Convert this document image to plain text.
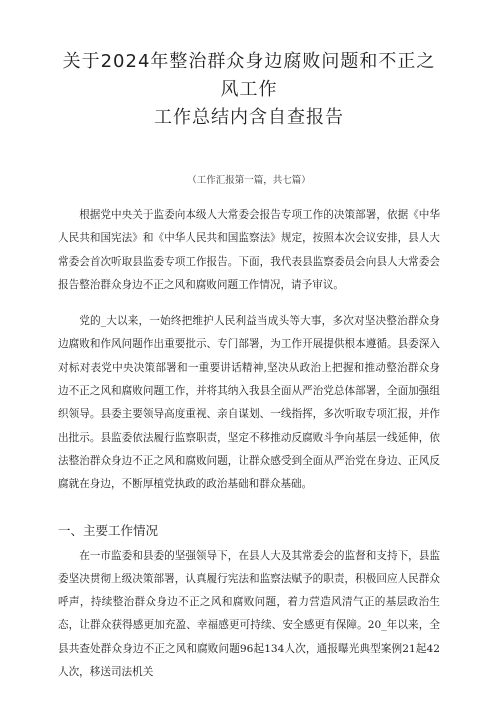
关于2024年整治群众身边腐败问题和不正之风工作
工作总结内含自查报告

（工作汇报第一篇，共七篇）

根据党中央关于监委向本级人大常委会报告专项工作的决策部署，依据《中华人民共和国宪法》和《中华人民共和国监察法》规定，按照本次会议安排，县人大常委会首次听取县监委专项工作报告。下面，我代表县监察委员会向县人大常委会报告整治群众身边不正之风和腐败问题工作情况，请予审议。

党的_大以来，一始终把维护人民利益当成头等大事，多次对坚决整治群众身边腐败和作风问题作出重要批示、专门部署，为工作开展提供根本遵循。县委深入对标对表党中央决策部署和一重要讲话精神,坚决从政治上把握和推动整治群众身边不正之风和腐败问题工作，并将其纳入我县全面从严治党总体部署，全面加强组织领导。县委主要领导高度重视、亲自谋划、一线指挥，多次听取专项汇报，并作出批示。县监委依法履行监察职责，坚定不移推动反腐败斗争向基层一线延伸，依法整治群众身边不正之风和腐败问题，让群众感受到全面从严治党在身边、正风反腐就在身边，不断厚植党执政的政治基础和群众基础。

一、主要工作情况

在一市监委和县委的坚强领导下，在县人大及其常委会的监督和支持下，县监委坚决贯彻上级决策部署，认真履行宪法和监察法赋予的职责，积极回应人民群众呼声，持续整治群众身边不正之风和腐败问题，着力营造风清气正的基层政治生态，让群众获得感更加充盈、幸福感更可持续、安全感更有保障。20_年以来，全县共查处群众身边不正之风和腐败问题96起134人次，通报曝光典型案例21起42人次，移送司法机关
